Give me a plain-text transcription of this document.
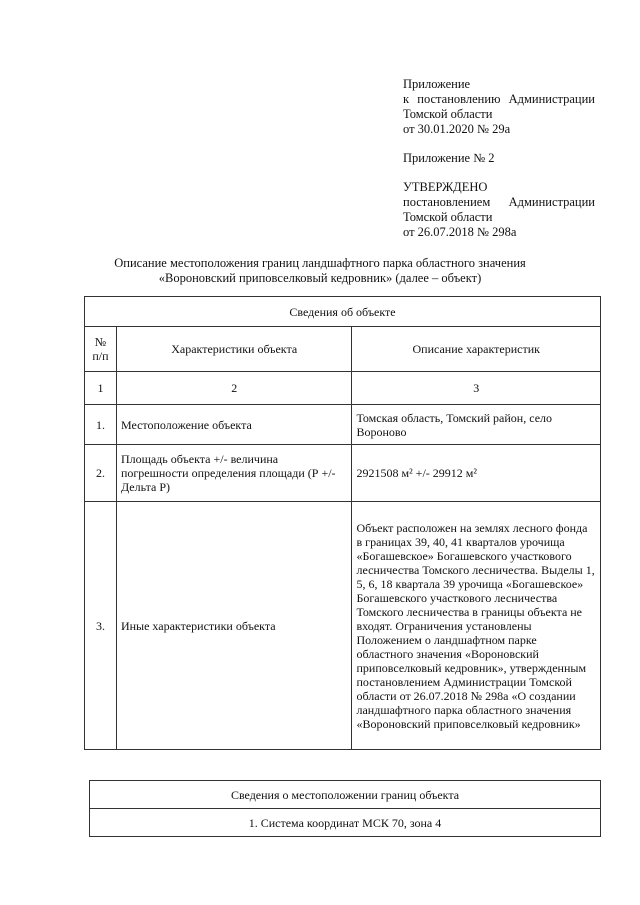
Приложение
к постановлению Администрации
Томской области
от 30.01.2020 № 29а
Приложение № 2
УТВЕРЖДЕНО
постановлением Администрации
Томской области
от 26.07.2018 № 298а
Описание местоположения границ ландшафтного парка областного значения
«Вороновский приповселковый кедровник» (далее – объект)
Сведения об объекте		
№ п/п	Характеристики объекта	Описание характеристик
1	2	3
1.	Местоположение объекта	Томская область, Томский район, село Вороново
2.	Площадь объекта +/- величина погрешности определения площади (Р +/- Дельта Р)	2921508 м² +/- 29912 м²
3.	Иные характеристики объекта	Объект расположен на землях лесного фонда в границах 39, 40, 41 кварталов урочища «Богашевское» Богашевского участкового лесничества Томского лесничества. Выделы 1, 5, 6, 18 квартала 39 урочища «Богашевское» Богашевского участкового лесничества Томского лесничества в границы объекта не входят. Ограничения установлены Положением о ландшафтном парке областного значения «Вороновский приповселковый кедровник», утвержденным постановлением Администрации Томской области от 26.07.2018 № 298а «О создании ландшафтного парка областного значения «Вороновский приповселковый кедровник»
Сведения о местоположении границ объекта
1. Система координат МСК 70, зона 4
